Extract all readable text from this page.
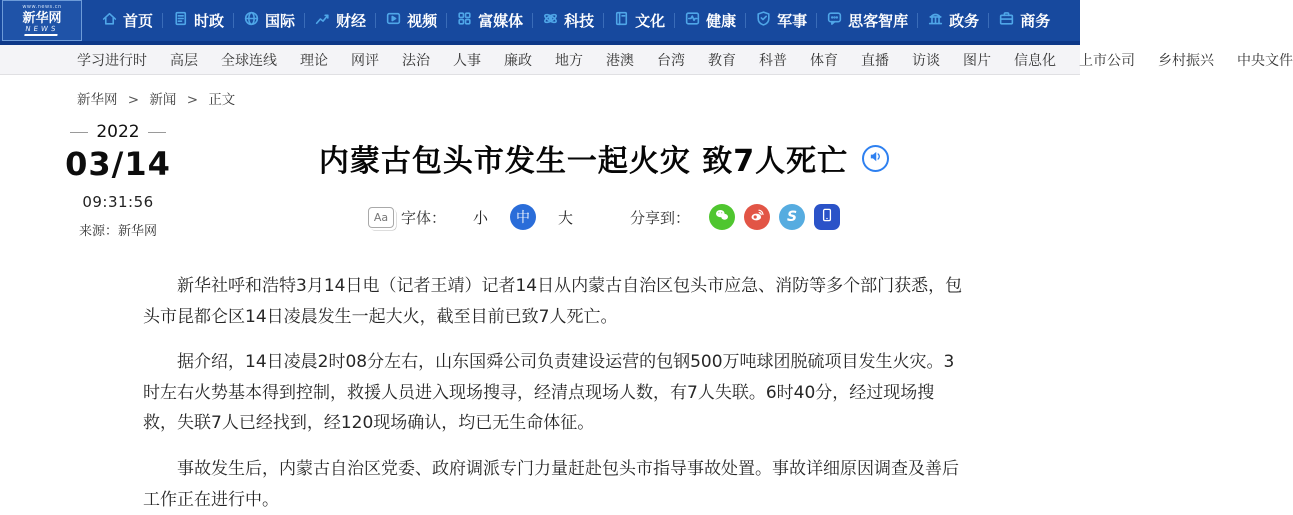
www.news.cn
新华网
NEWS	首页	时政	国际	财经	视频	富媒体	科技	文化	健康	军事	思客智库	政务	商务
学习进行时 高层 全球连线 理论 网评 法治 人事 廉政 地方 港澳 台湾 教育 科普 体育 直播 访谈 图片 信息化 上市公司 乡村振兴 中央文件
新华网 > 新闻 > 正文
2022
03/14
09:31:56
来源：新华网
内蒙古包头市发生一起火灾 致7人死亡
Aa 字体： 小	中	大	分享到：	S

新华社呼和浩特3月14日电（记者王靖）记者14日从内蒙古自治区包头市应急、消防等多个部门获悉，包头市昆都仑区14日凌晨发生一起大火，截至目前已致7人死亡。

据介绍，14日凌晨2时08分左右，山东国舜公司负责建设运营的包钢500万吨球团脱硫项目发生火灾。3时左右火势基本得到控制，救援人员进入现场搜寻，经清点现场人数，有7人失联。6时40分，经过现场搜救，失联7人已经找到，经120现场确认，均已无生命体征。

事故发生后，内蒙古自治区党委、政府调派专门力量赶赴包头市指导事故处置。事故详细原因调查及善后工作正在进行中。
